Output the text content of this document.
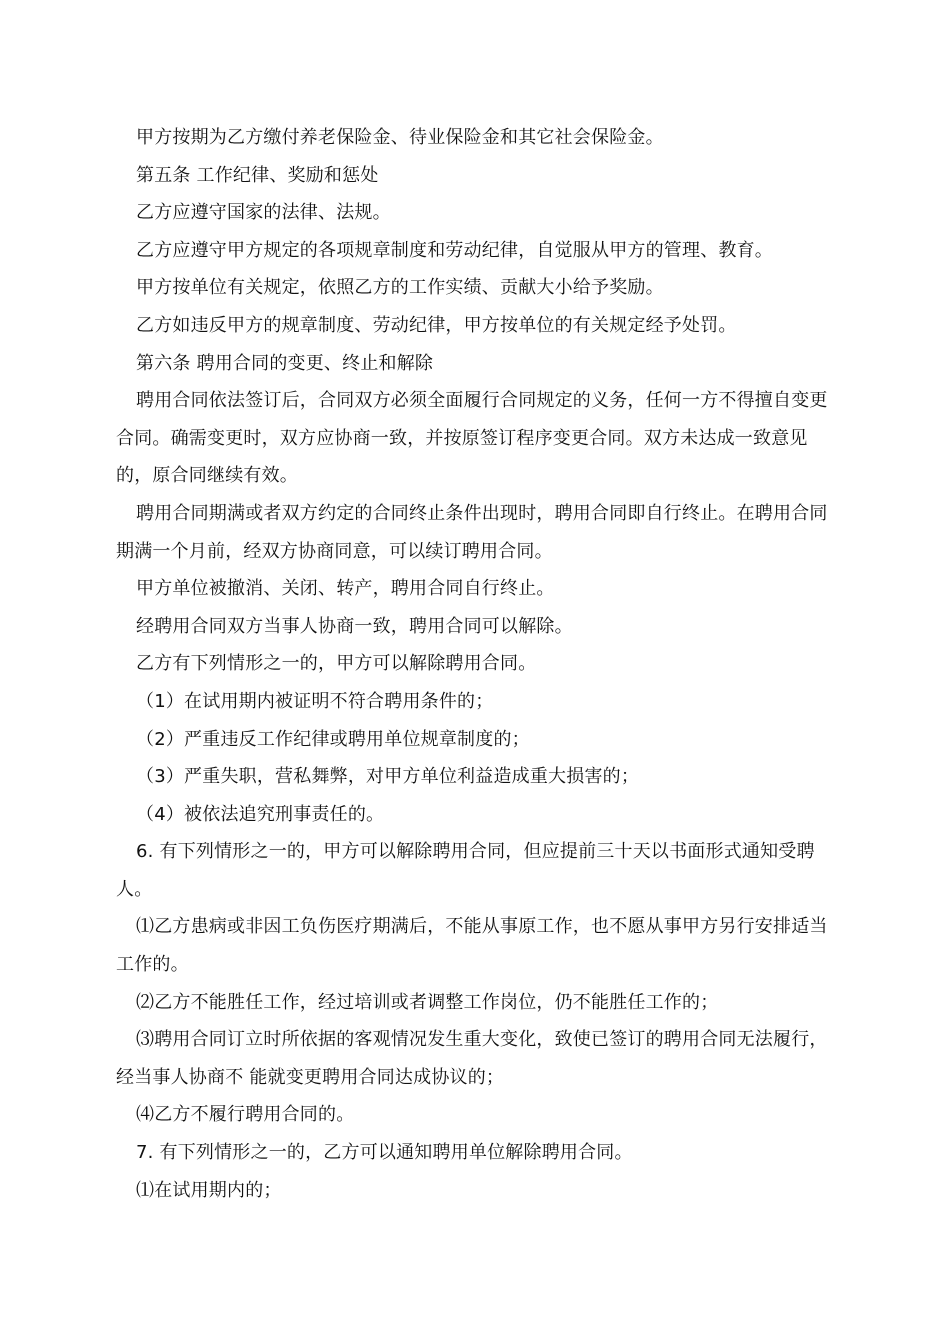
甲方按期为乙方缴付养老保险金、待业保险金和其它社会保险金。

第五条 工作纪律、奖励和惩处

乙方应遵守国家的法律、法规。

乙方应遵守甲方规定的各项规章制度和劳动纪律，自觉服从甲方的管理、教育。

甲方按单位有关规定，依照乙方的工作实绩、贡献大小给予奖励。

乙方如违反甲方的规章制度、劳动纪律，甲方按单位的有关规定经予处罚。

第六条 聘用合同的变更、终止和解除

聘用合同依法签订后，合同双方必须全面履行合同规定的义务，任何一方不得擅自变更合同。确需变更时，双方应协商一致，并按原签订程序变更合同。双方未达成一致意见的，原合同继续有效。

聘用合同期满或者双方约定的合同终止条件出现时，聘用合同即自行终止。在聘用合同期满一个月前，经双方协商同意，可以续订聘用合同。

甲方单位被撤消、关闭、转产，聘用合同自行终止。

经聘用合同双方当事人协商一致，聘用合同可以解除。

乙方有下列情形之一的，甲方可以解除聘用合同。

（1）在试用期内被证明不符合聘用条件的；

（2）严重违反工作纪律或聘用单位规章制度的；

（3）严重失职，营私舞弊，对甲方单位利益造成重大损害的；

（4）被依法追究刑事责任的。

6. 有下列情形之一的，甲方可以解除聘用合同，但应提前三十天以书面形式通知受聘人。

⑴乙方患病或非因工负伤医疗期满后，不能从事原工作，也不愿从事甲方另行安排适当工作的。

⑵乙方不能胜任工作，经过培训或者调整工作岗位，仍不能胜任工作的；

⑶聘用合同订立时所依据的客观情况发生重大变化，致使已签订的聘用合同无法履行，经当事人协商不 能就变更聘用合同达成协议的；

⑷乙方不履行聘用合同的。

7. 有下列情形之一的，乙方可以通知聘用单位解除聘用合同。

⑴在试用期内的；
